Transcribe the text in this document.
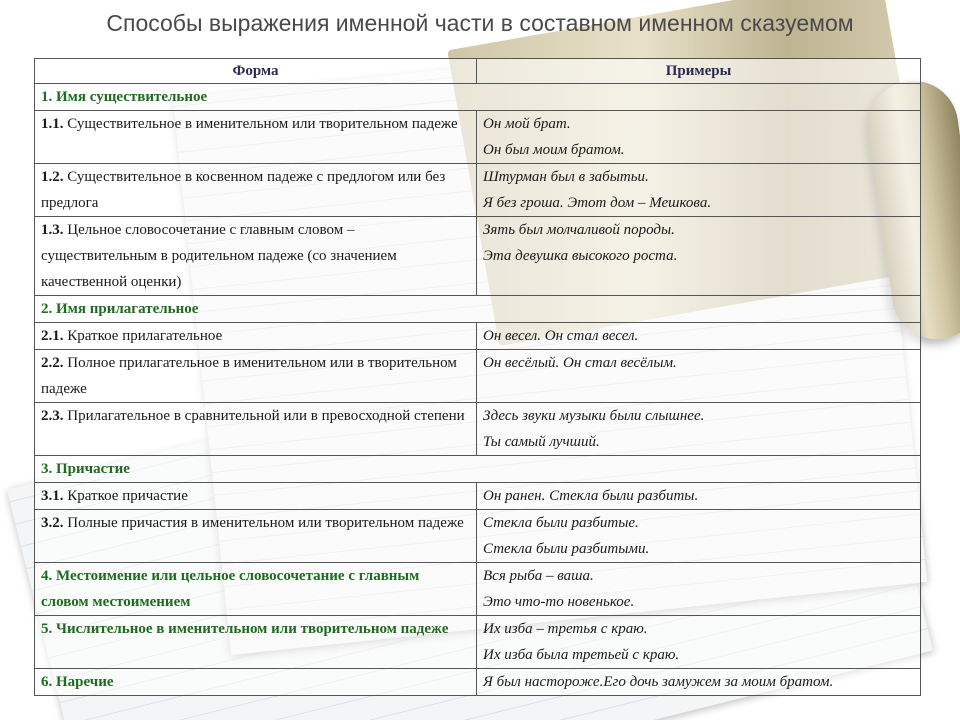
Способы выражения именной части в составном именном сказуемом
Форма	Примеры
1. Имя существительное	
1.1. Существительное в именительном или творительном падеже	Он мой брат.
Он был моим братом.

1.2. Существительное в косвенном падеже с предлогом или без предлога	Штурман был в забытьи.
Я без гроша. Этот дом – Мешкова.

1.3. Цельное словосочетание с главным словом – существительным в родительном падеже (со значением качественной оценки)	Зять был молчаливой породы.
Эта девушка высокого роста.

2. Имя прилагательное	
2.1. Краткое прилагательное	Он весел. Он стал весел.

2.2. Полное прилагательное в именительном или в творительном падеже	Он весёлый. Он стал весёлым.

2.3. Прилагательное в сравнительной или в превосходной степени	Здесь звуки музыки были слышнее.
Ты самый лучший.

3. Причастие	
3.1. Краткое причастие	Он ранен. Стекла были разбиты.

3.2. Полные причастия в именительном или творительном падеже	Стекла были разбитые.
Стекла были разбитыми.

4. Местоимение или цельное словосочетание с главным словом местоимением	Вся рыба – ваша.
Это что-то новенькое.

5. Числительное в именительном или творительном падеже	Их изба – третья с краю.
Их изба была третьей с краю.

6. Наречие	Я был настороже.Его дочь замужем за моим братом.
